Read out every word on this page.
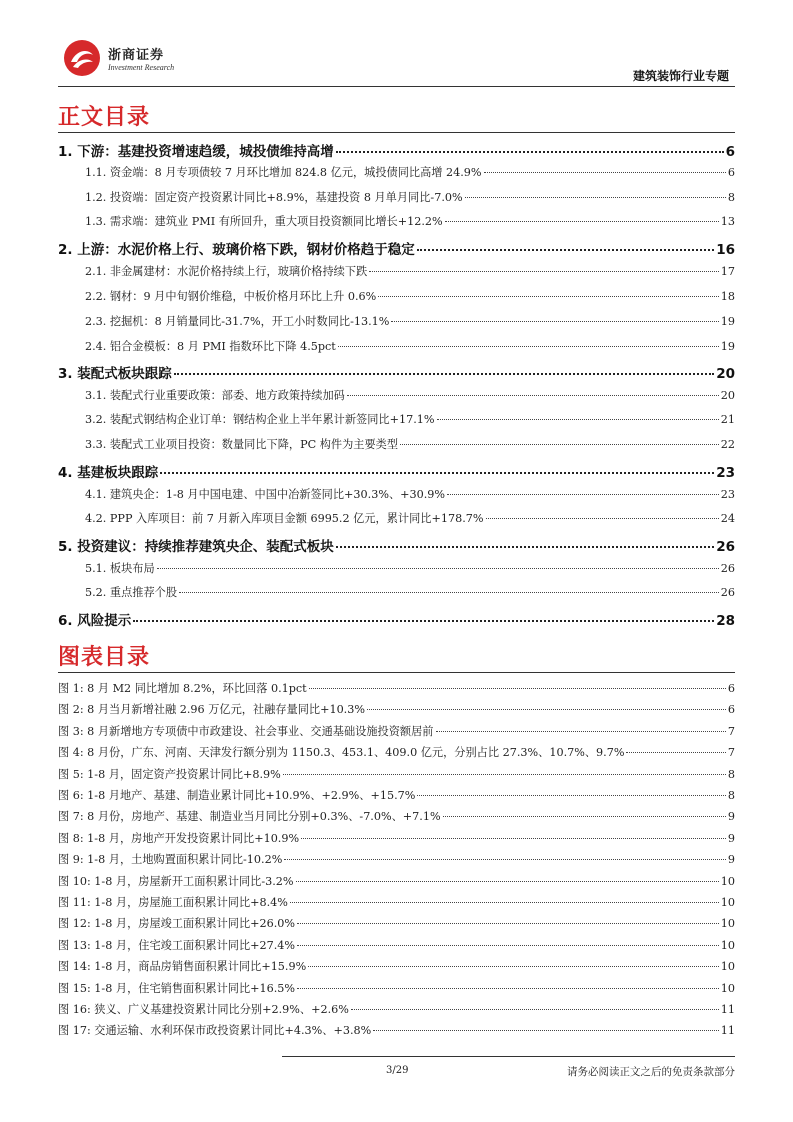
浙商证券
Investment Research
建筑装饰行业专题
正文目录
1. 下游：基建投资增速趋缓，城投债维持高增	6
1.1. 资金端：8 月专项债较 7 月环比增加 824.8 亿元，城投债同比高增 24.9%	6
1.2. 投资端：固定资产投资累计同比+8.9%，基建投资 8 月单月同比-7.0%	8
1.3. 需求端：建筑业 PMI 有所回升，重大项目投资额同比增长+12.2%	13
2. 上游：水泥价格上行、玻璃价格下跌，钢材价格趋于稳定	16
2.1. 非金属建材：水泥价格持续上行，玻璃价格持续下跌	17
2.2. 钢材：9 月中旬钢价维稳，中板价格月环比上升 0.6%	18
2.3. 挖掘机：8 月销量同比-31.7%，开工小时数同比-13.1%	19
2.4. 铝合金模板：8 月 PMI 指数环比下降 4.5pct	19
3. 装配式板块跟踪	20
3.1. 装配式行业重要政策：部委、地方政策持续加码	20
3.2. 装配式钢结构企业订单：钢结构企业上半年累计新签同比+17.1%	21
3.3. 装配式工业项目投资：数量同比下降，PC 构件为主要类型	22
4. 基建板块跟踪	23
4.1. 建筑央企：1-8 月中国电建、中国中冶新签同比+30.3%、+30.9%	23
4.2. PPP 入库项目：前 7 月新入库项目金额 6995.2 亿元，累计同比+178.7%	24
5. 投资建议：持续推荐建筑央企、装配式板块	26
5.1. 板块布局	26
5.2. 重点推荐个股	26
6. 风险提示	28
图表目录
图 1: 8 月 M2 同比增加 8.2%，环比回落 0.1pct	6
图 2: 8 月当月新增社融 2.96 万亿元，社融存量同比+10.3%	6
图 3: 8 月新增地方专项债中市政建设、社会事业、交通基础设施投资额居前	7
图 4: 8 月份，广东、河南、天津发行额分别为 1150.3、453.1、409.0 亿元，分别占比 27.3%、10.7%、9.7%	7
图 5: 1-8 月，固定资产投资累计同比+8.9%	8
图 6: 1-8 月地产、基建、制造业累计同比+10.9%、+2.9%、+15.7%	8
图 7: 8 月份，房地产、基建、制造业当月同比分别+0.3%、-7.0%、+7.1%	9
图 8: 1-8 月，房地产开发投资累计同比+10.9%	9
图 9: 1-8 月，土地购置面积累计同比-10.2%	9
图 10: 1-8 月，房屋新开工面积累计同比-3.2%	10
图 11: 1-8 月，房屋施工面积累计同比+8.4%	10
图 12: 1-8 月，房屋竣工面积累计同比+26.0%	10
图 13: 1-8 月，住宅竣工面积累计同比+27.4%	10
图 14: 1-8 月，商品房销售面积累计同比+15.9%	10
图 15: 1-8 月，住宅销售面积累计同比+16.5%	10
图 16: 狭义、广义基建投资累计同比分别+2.9%、+2.6%	11
图 17: 交通运输、水利环保市政投资累计同比+4.3%、+3.8%	11
3/29	请务必阅读正文之后的免责条款部分
